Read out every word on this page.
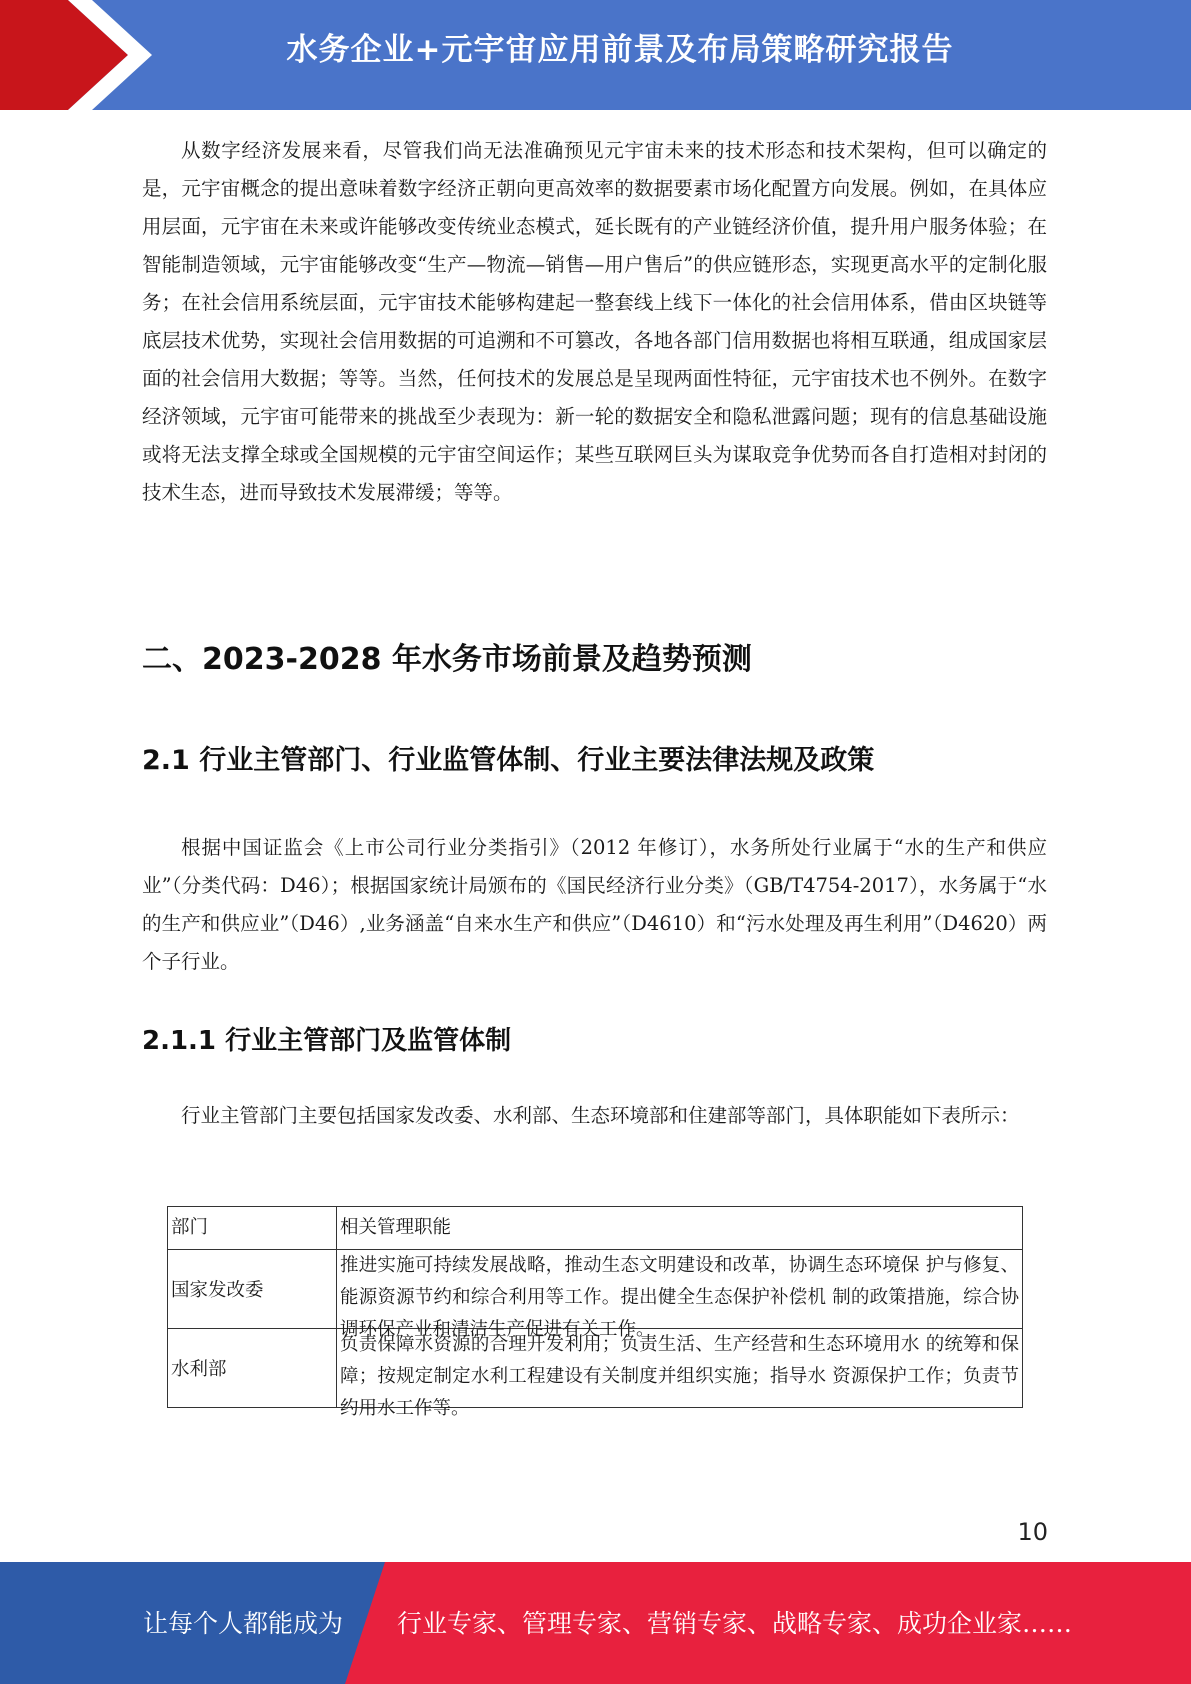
水务企业+元宇宙应用前景及布局策略研究报告

从数字经济发展来看，尽管我们尚无法准确预见元宇宙未来的技术形态和技术架构，但可以确定的是，元宇宙概念的提出意味着数字经济正朝向更高效率的数据要素市场化配置方向发展。例如，在具体应用层面，元宇宙在未来或许能够改变传统业态模式，延长既有的产业链经济价值，提升用户服务体验；在智能制造领域，元宇宙能够改变“生产—物流—销售—用户售后”的供应链形态，实现更高水平的定制化服务；在社会信用系统层面，元宇宙技术能够构建起一整套线上线下一体化的社会信用体系，借由区块链等底层技术优势，实现社会信用数据的可追溯和不可篡改，各地各部门信用数据也将相互联通，组成国家层面的社会信用大数据；等等。当然，任何技术的发展总是呈现两面性特征，元宇宙技术也不例外。在数字经济领域，元宇宙可能带来的挑战至少表现为：新一轮的数据安全和隐私泄露问题；现有的信息基础设施或将无法支撑全球或全国规模的元宇宙空间运作；某些互联网巨头为谋取竞争优势而各自打造相对封闭的技术生态，进而导致技术发展滞缓；等等。

二、2023-2028 年水务市场前景及趋势预测
2.1 行业主管部门、行业监管体制、行业主要法律法规及政策

根据中国证监会《上市公司行业分类指引》（2012 年修订），水务所处行业属于“水的生产和供应业”（分类代码：D46）；根据国家统计局颁布的《国民经济行业分类》（GB/T4754-2017），水务属于“水的生产和供应业”（D46）,业务涵盖“自来水生产和供应”（D4610）和“污水处理及再生利用”（D4620）两个子行业。

2.1.1 行业主管部门及监管体制

行业主管部门主要包括国家发改委、水利部、生态环境部和住建部等部门，具体职能如下表所示：

部门	相关管理职能
国家发改委	推进实施可持续发展战略，推动生态文明建设和改革，协调生态环境保 护与修复、能源资源节约和综合利用等工作。提出健全生态保护补偿机 制的政策措施，综合协调环保产业和清洁生产促进有关工作。

水利部	负责保障水资源的合理开发利用；负责生活、生产经营和生态环境用水 的统筹和保障；按规定制定水利工程建设有关制度并组织实施；指导水 资源保护工作；负责节约用水工作等。
10
让每个人都能成为 行业专家、管理专家、营销专家、战略专家、成功企业家……
